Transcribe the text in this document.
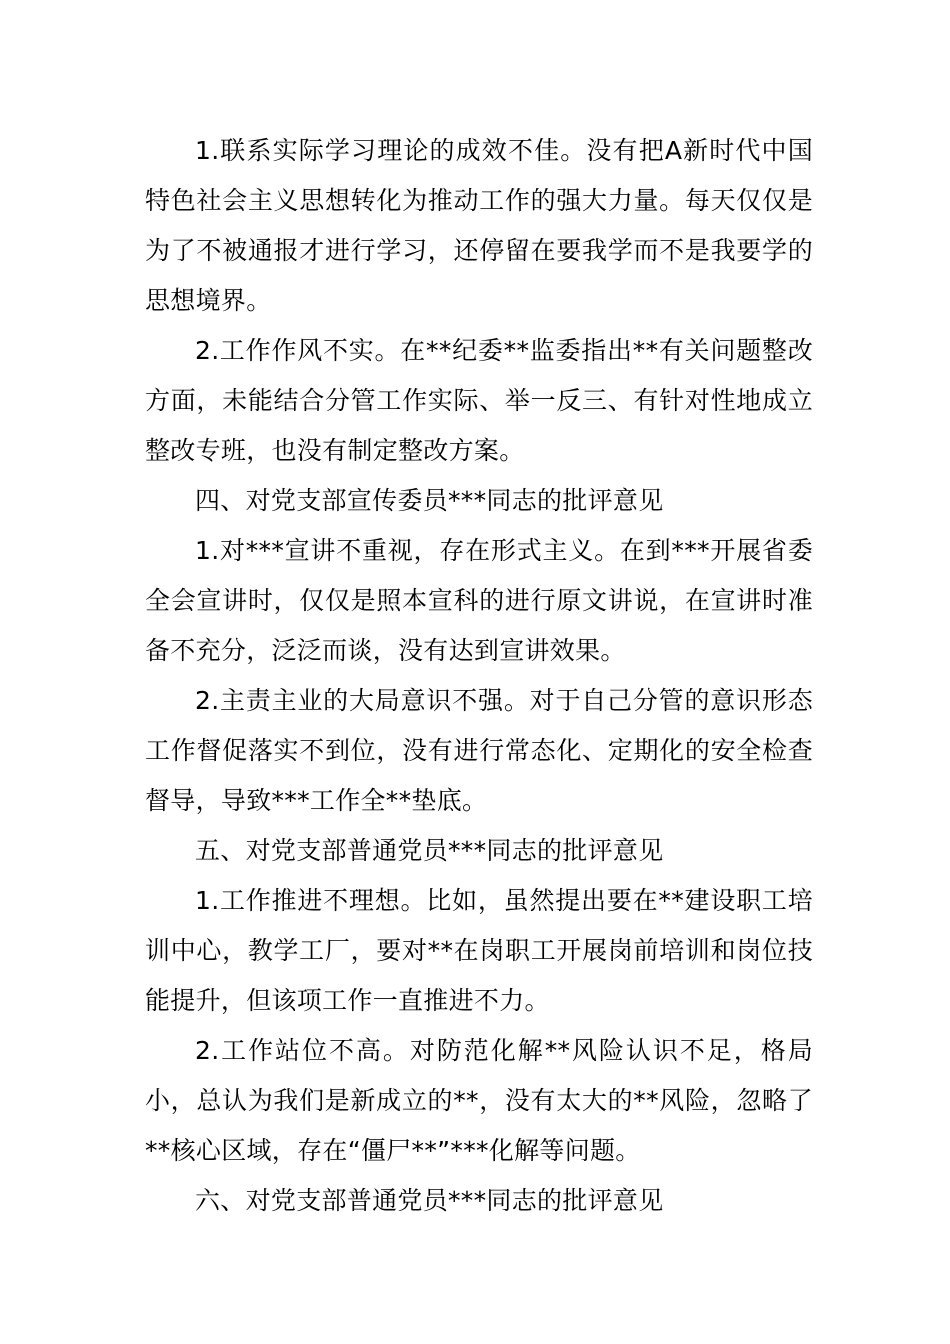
1.联系实际学习理论的成效不佳。没有把A新时代中国特色社会主义思想转化为推动工作的强大力量。每天仅仅是为了不被通报才进行学习，还停留在要我学而不是我要学的思想境界。

2.工作作风不实。在**纪委**监委指出**有关问题整改方面，未能结合分管工作实际、举一反三、有针对性地成立整改专班，也没有制定整改方案。

四、对党支部宣传委员***同志的批评意见

1.对***宣讲不重视，存在形式主义。在到***开展省委全会宣讲时，仅仅是照本宣科的进行原文讲说，在宣讲时准备不充分，泛泛而谈，没有达到宣讲效果。

2.主责主业的大局意识不强。对于自己分管的意识形态工作督促落实不到位，没有进行常态化、定期化的安全检查督导，导致***工作全**垫底。

五、对党支部普通党员***同志的批评意见

1.工作推进不理想。比如，虽然提出要在**建设职工培训中心，教学工厂，要对**在岗职工开展岗前培训和岗位技能提升，但该项工作一直推进不力。

2.工作站位不高。对防范化解**风险认识不足，格局小，总认为我们是新成立的**，没有太大的**风险，忽略了**核心区域，存在“僵尸**”***化解等问题。

六、对党支部普通党员***同志的批评意见
